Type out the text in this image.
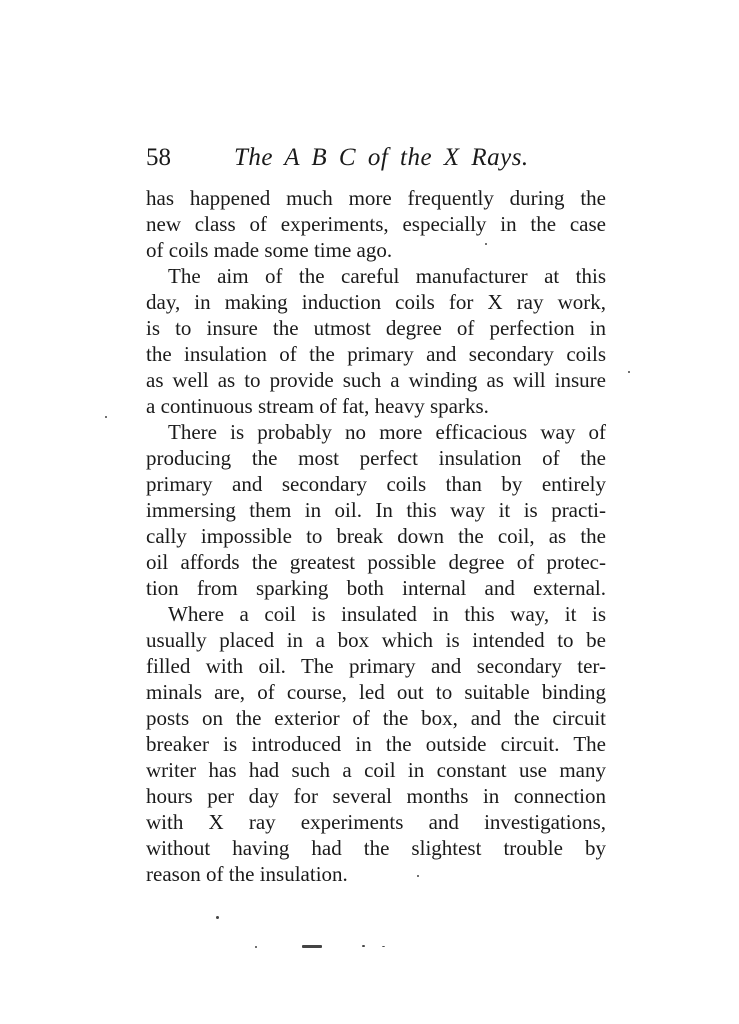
58	The A B C of the X Rays.
has happened much more frequently during the
new class of experiments, especially in the case
of coils made some time ago.
The aim of the careful manufacturer at this
day, in making induction coils for X ray work,
is to insure the utmost degree of perfection in
the insulation of the primary and secondary coils
as well as to provide such a winding as will insure
a continuous stream of fat, heavy sparks.
There is probably no more efficacious way of
producing the most perfect insulation of the
primary and secondary coils than by entirely
immersing them in oil. In this way it is practi-
cally impossible to break down the coil, as the
oil affords the greatest possible degree of protec-
tion from sparking both internal and external.
Where a coil is insulated in this way, it is
usually placed in a box which is intended to be
filled with oil. The primary and secondary ter-
minals are, of course, led out to suitable binding
posts on the exterior of the box, and the circuit
breaker is introduced in the outside circuit. The
writer has had such a coil in constant use many
hours per day for several months in connection
with X ray experiments and investigations,
without having had the slightest trouble by
reason of the insulation.
